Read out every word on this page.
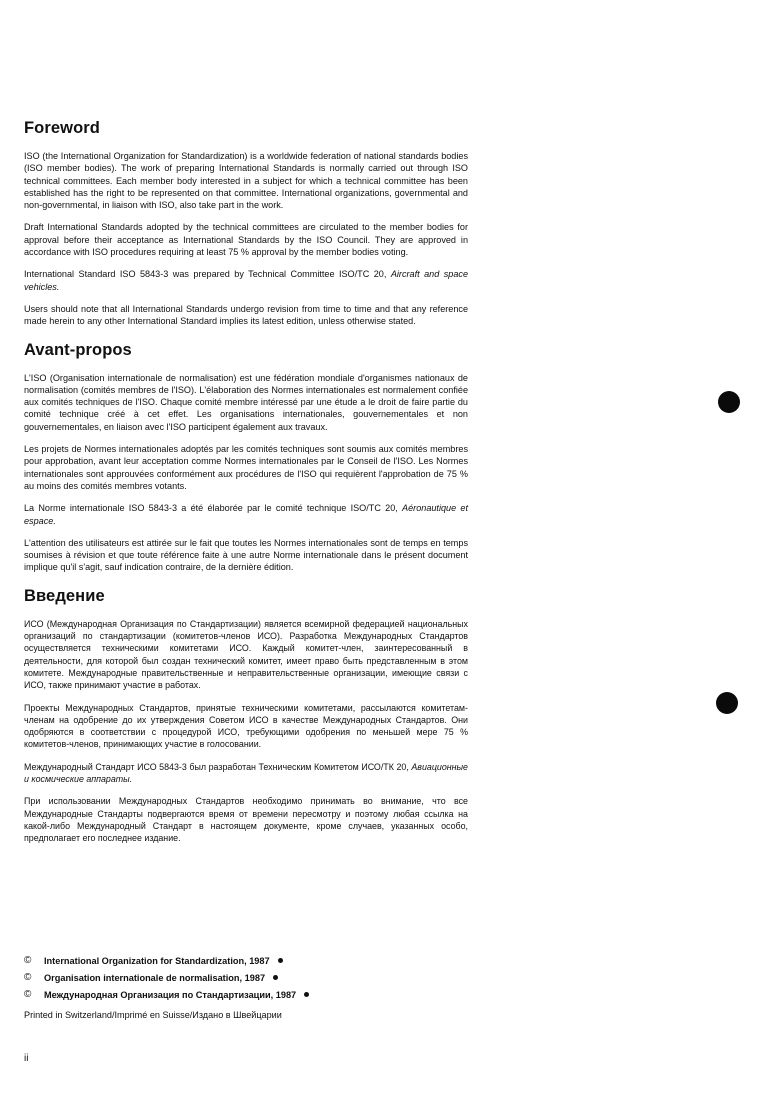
Foreword

ISO (the International Organization for Standardization) is a worldwide federation of national standards bodies (ISO member bodies). The work of preparing International Standards is normally carried out through ISO technical committees. Each member body interested in a subject for which a technical committee has been established has the right to be represented on that committee. International organizations, governmental and non-governmental, in liaison with ISO, also take part in the work.

Draft International Standards adopted by the technical committees are circulated to the member bodies for approval before their acceptance as International Standards by the ISO Council. They are approved in accordance with ISO procedures requiring at least 75 % approval by the member bodies voting.

International Standard ISO 5843-3 was prepared by Technical Committee ISO/TC 20, Aircraft and space vehicles.

Users should note that all International Standards undergo revision from time to time and that any reference made herein to any other International Standard implies its latest edition, unless otherwise stated.

Avant-propos

L'ISO (Organisation internationale de normalisation) est une fédération mondiale d'organismes nationaux de normalisation (comités membres de l'ISO). L'élaboration des Normes internationales est normalement confiée aux comités techniques de l'ISO. Chaque comité membre intéressé par une étude a le droit de faire partie du comité technique créé à cet effet. Les organisations internationales, gouvernementales et non gouvernementales, en liaison avec l'ISO participent également aux travaux.

Les projets de Normes internationales adoptés par les comités techniques sont soumis aux comités membres pour approbation, avant leur acceptation comme Normes internationales par le Conseil de l'ISO. Les Normes internationales sont approuvées conformément aux procédures de l'ISO qui requièrent l'approbation de 75 % au moins des comités membres votants.

La Norme internationale ISO 5843-3 a été élaborée par le comité technique ISO/TC 20, Aéronautique et espace.

L'attention des utilisateurs est attirée sur le fait que toutes les Normes internationales sont de temps en temps soumises à révision et que toute référence faite à une autre Norme internationale dans le présent document implique qu'il s'agit, sauf indication contraire, de la dernière édition.

Введение

ИСО (Международная Организация по Стандартизации) является всемирной федерацией национальных организаций по стандартизации (комитетов-членов ИСО). Разработка Международных Стандартов осуществляется техническими комитетами ИСО. Каждый комитет-член, заинтересованный в деятельности, для которой был создан технический комитет, имеет право быть представленным в этом комитете. Международные правительственные и неправительственные организации, имеющие связи с ИСО, также принимают участие в работах.

Проекты Международных Стандартов, принятые техническими комитетами, рассылаются комитетам-членам на одобрение до их утверждения Советом ИСО в качестве Международных Стандартов. Они одобряются в соответствии с процедурой ИСО, требующими одобрения по меньшей мере 75 % комитетов-членов, принимающих участие в голосовании.

Международный Стандарт ИСО 5843-3 был разработан Техническим Комитетом ИСО/ТК 20, Авиационные и космические аппараты.

При использовании Международных Стандартов необходимо принимать во внимание, что все Международные Стандарты подвергаются время от времени пересмотру и поэтому любая ссылка на какой-либо Международный Стандарт в настоящем документе, кроме случаев, указанных особо, предполагает его последнее издание.

©	International Organization for Standardization, 1987
©	Organisation internationale de normalisation, 1987
©	Международная Организация по Стандартизации, 1987
Printed in Switzerland/Imprimé en Suisse/Издано в Швейцарии
ii
